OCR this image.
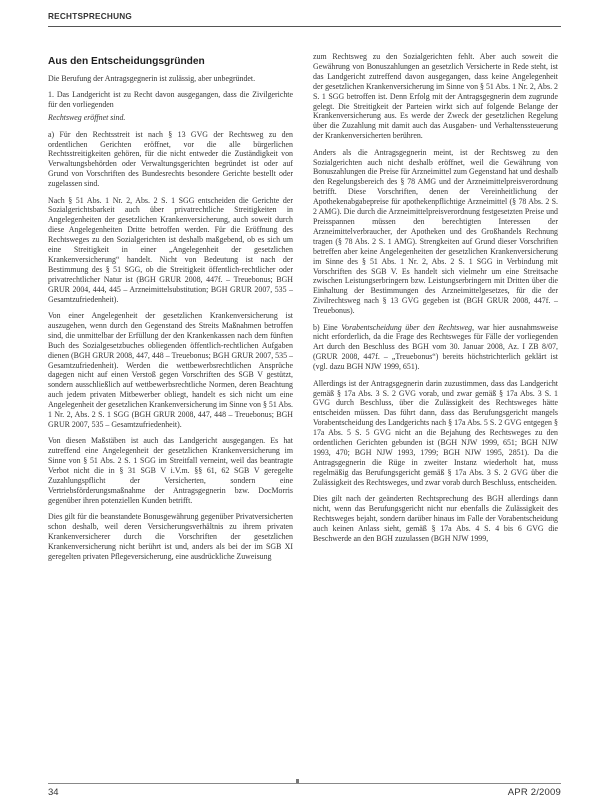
RECHTSPRECHUNG
Aus den Entscheidungsgründen

Die Berufung der Antragsgegnerin ist zulässig, aber unbegründet.

1. Das Landgericht ist zu Recht davon ausgegangen, dass die Zivilgerichte für den vorliegenden

Rechtsweg eröffnet sind.

a) Für den Rechtsstreit ist nach § 13 GVG der Rechtsweg zu den ordentlichen Gerichten eröffnet, vor die alle bürgerlichen Rechtsstreitigkeiten gehören, für die nicht entweder die Zuständigkeit von Verwaltungsbehörden oder Verwaltungsgerichten begründet ist oder auf Grund von Vorschriften des Bundesrechts besondere Gerichte bestellt oder zugelassen sind.

Nach § 51 Abs. 1 Nr. 2, Abs. 2 S. 1 SGG entscheiden die Gerichte der Sozialgerichtsbarkeit auch über privatrechtliche Streitigkeiten in Angelegenheiten der gesetzlichen Krankenversicherung, auch soweit durch diese Angelegenheiten Dritte betroffen werden. Für die Eröffnung des Rechtsweges zu den Sozialgerichten ist deshalb maßgebend, ob es sich um eine Streitigkeit in einer „Angelegenheit der gesetzlichen Krankenversicherung“ handelt. Nicht von Bedeutung ist nach der Bestimmung des § 51 SGG, ob die Streitigkeit öffentlich-rechtlicher oder privatrechtlicher Natur ist (BGH GRUR 2008, 447f. – Treuebonus; BGH GRUR 2004, 444, 445 – Arzneimittelsubstitution; BGH GRUR 2007, 535 – Gesamtzufriedenheit).

Von einer Angelegenheit der gesetzlichen Krankenversicherung ist auszugehen, wenn durch den Gegenstand des Streits Maßnahmen betroffen sind, die unmittelbar der Erfüllung der den Krankenkassen nach dem fünften Buch des Sozialgesetzbuches obliegenden öffentlich-rechtlichen Aufgaben dienen (BGH GRUR 2008, 447, 448 – Treuebonus; BGH GRUR 2007, 535 – Gesamtzufriedenheit). Werden die wettbewerbsrechtlichen Ansprüche dagegen nicht auf einen Verstoß gegen Vorschriften des SGB V gestützt, sondern ausschließlich auf wettbewerbsrechtliche Normen, deren Beachtung auch jedem privaten Mitbewerber obliegt, handelt es sich nicht um eine Angelegenheit der gesetzlichen Krankenversicherung im Sinne von § 51 Abs. 1 Nr. 2, Abs. 2 S. 1 SGG (BGH GRUR 2008, 447, 448 – Treuebonus; BGH GRUR 2007, 535 – Gesamtzufriedenheit).

Von diesen Maßstäben ist auch das Landgericht ausgegangen. Es hat zutreffend eine Angelegenheit der gesetzlichen Krankenversicherung im Sinne von § 51 Abs. 2 S. 1 SGG im Streitfall verneint, weil das beantragte Verbot nicht die in § 31 SGB V i.V.m. §§ 61, 62 SGB V geregelte Zuzahlungspflicht der Versicherten, sondern eine Vertriebsförderungsmaßnahme der Antragsgegnerin bzw. DocMorris gegenüber ihren potenziellen Kunden betrifft.

Dies gilt für die beanstandete Bonusgewährung gegenüber Privatversicherten schon deshalb, weil deren Versicherungsverhältnis zu ihrem privaten Krankenversicherer durch die Vorschriften der gesetzlichen Krankenversicherung nicht berührt ist und, anders als bei der im SGB XI geregelten privaten Pflegeversicherung, eine ausdrückliche Zuweisung

zum Rechtsweg zu den Sozialgerichten fehlt. Aber auch soweit die Gewährung von Bonuszahlungen an gesetzlich Versicherte in Rede steht, ist das Landgericht zutreffend davon ausgegangen, dass keine Angelegenheit der gesetzlichen Krankenversicherung im Sinne von § 51 Abs. 1 Nr. 2, Abs. 2 S. 1 SGG betroffen ist. Denn Erfolg mit der Antragsgegnerin dem zugrunde gelegt. Die Streitigkeit der Parteien wirkt sich auf folgende Belange der Krankenversicherung aus. Es werde der Zweck der gesetzlichen Regelung über die Zuzahlung mit damit auch das Ausgaben- und Verhaltenssteuerung der Krankenversicherten berühren.

Anders als die Antragsgegnerin meint, ist der Rechtsweg zu den Sozialgerichten auch nicht deshalb eröffnet, weil die Gewährung von Bonuszahlungen die Preise für Arzneimittel zum Gegenstand hat und deshalb den Regelungsbereich des § 78 AMG und der Arzneimittelpreisverordnung betrifft. Diese Vorschriften, denen der Vereinheitlichung der Apothekenabgabepreise für apothekenpflichtige Arzneimittel (§ 78 Abs. 2 S. 2 AMG). Die durch die Arzneimittelpreisverordnung festgesetzten Preise und Preisspannen müssen den berechtigten Interessen der Arzneimittelverbraucher, der Apotheken und des Großhandels Rechnung tragen (§ 78 Abs. 2 S. 1 AMG). Strengkeiten auf Grund dieser Vorschriften betreffen aber keine Angelegenheiten der gesetzlichen Krankenversicherung im Sinne des § 51 Abs. 1 Nr. 2, Abs. 2 S. 1 SGG in Verbindung mit Vorschriften des SGB V. Es handelt sich vielmehr um eine Streitsache zwischen Leistungserbringern bzw. Leistungserbringern mit Dritten über die Einhaltung der Bestimmungen des Arzneimittelgesetzes, für die der Zivilrechtsweg nach § 13 GVG gegeben ist (BGH GRUR 2008, 447f. – Treuebonus).

b) Eine Vorabentscheidung über den Rechtsweg, war hier ausnahmsweise nicht erforderlich, da die Frage des Rechtsweges für Fälle der vorliegenden Art durch den Beschluss des BGH vom 30. Januar 2008, Az. I ZB 8/07, (GRUR 2008, 447f. – „Treuebonus“) bereits höchstrichterlich geklärt ist (vgl. dazu BGH NJW 1999, 651).

Allerdings ist der Antragsgegnerin darin zuzustimmen, dass das Landgericht gemäß § 17a Abs. 3 S. 2 GVG vorab, und zwar gemäß § 17a Abs. 3 S. 1 GVG durch Beschluss, über die Zulässigkeit des Rechtsweges hätte entscheiden müssen. Das führt dann, dass das Berufungsgericht mangels Vorabentscheidung des Landgerichts nach § 17a Abs. 5 S. 2 GVG entgegen § 17a Abs. 5 S. 5 GVG nicht an die Bejahung des Rechtsweges zu den ordentlichen Gerichten gebunden ist (BGH NJW 1999, 651; BGH NJW 1993, 470; BGH NJW 1993, 1799; BGH NJW 1995, 2851). Da die Antragsgegnerin die Rüge in zweiter Instanz wiederholt hat, muss regelmäßig das Berufungsgericht gemäß § 17a Abs. 3 S. 2 GVG über die Zulässigkeit des Rechtsweges, und zwar vorab durch Beschluss, entscheiden.

Dies gilt nach der geänderten Rechtsprechung des BGH allerdings dann nicht, wenn das Berufungsgericht nicht nur ebenfalls die Zulässigkeit des Rechtsweges bejaht, sondern darüber hinaus im Falle der Vorabentscheidung auch keinen Anlass sieht, gemäß § 17a Abs. 4 S. 4 bis 6 GVG die Beschwerde an den BGH zuzulassen (BGH NJW 1999,

34	APR 2/2009
